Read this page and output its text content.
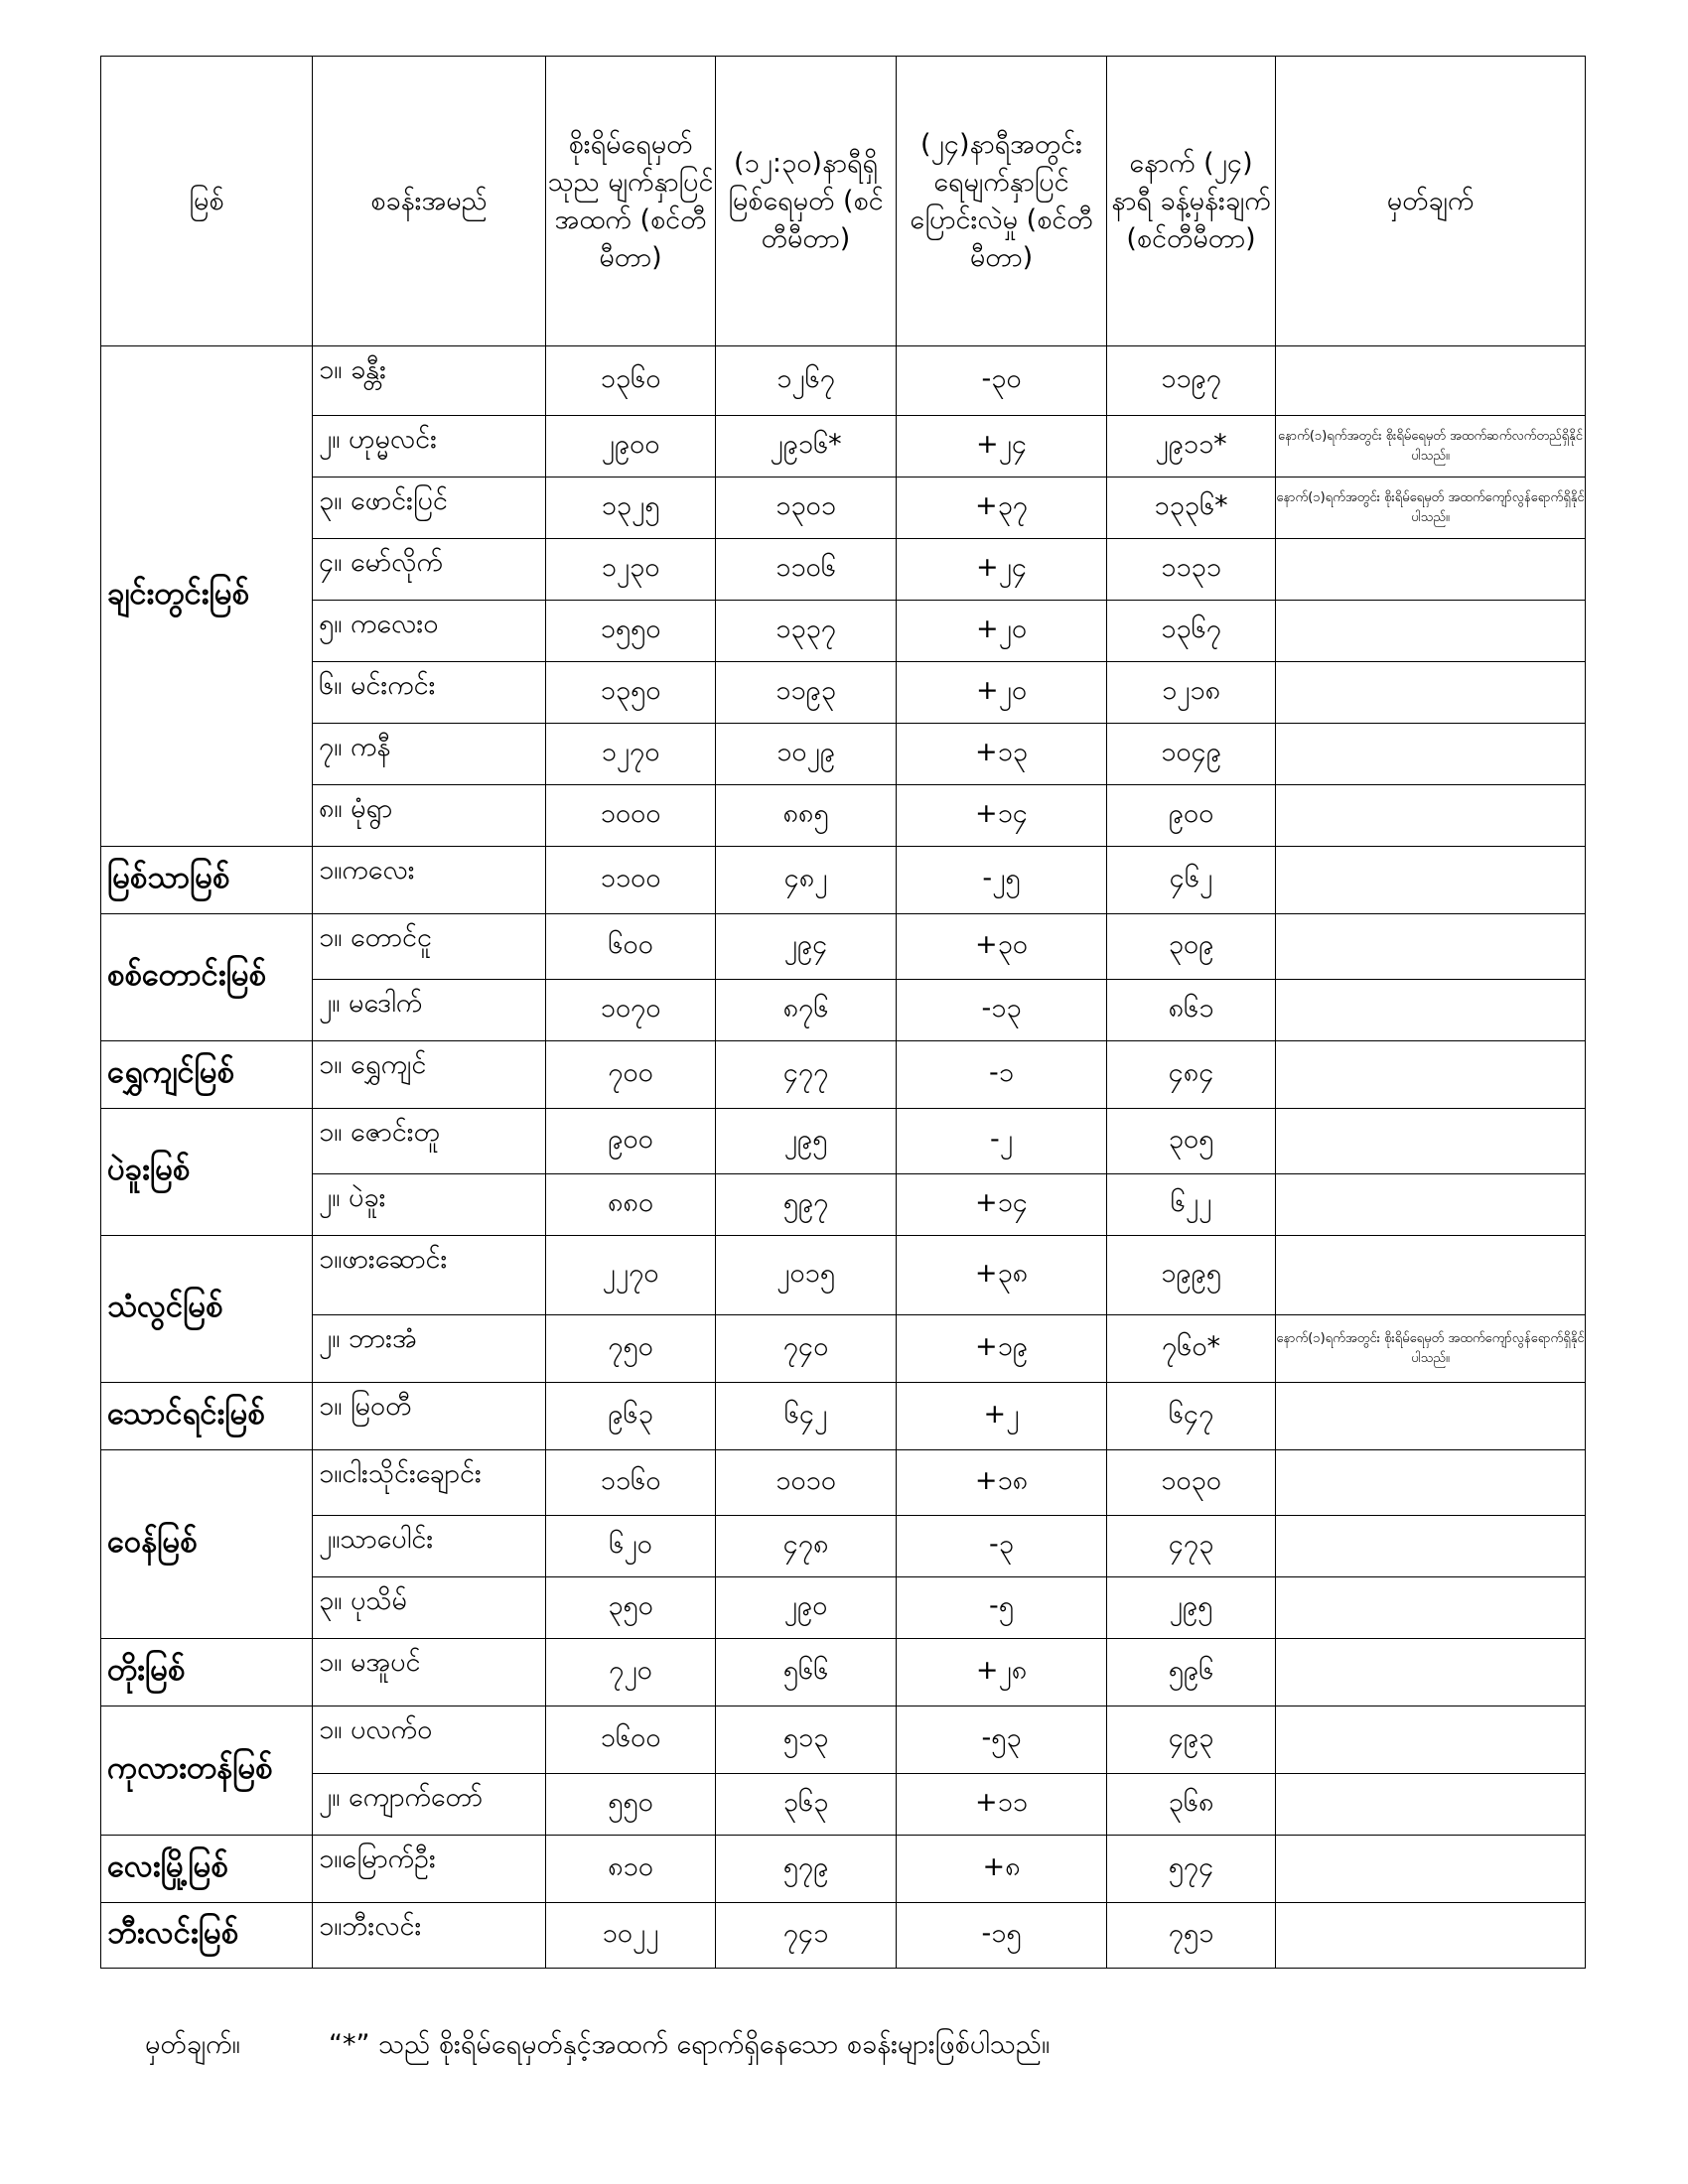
မြစ်	စခန်းအမည်	စိုးရိမ်ရေမှတ် သုည မျက်နှာပြင် အထက် (စင်တီမီတာ)	(၁၂:၃၀)နာရီရှိ မြစ်ရေမှတ် (စင်တီမီတာ)	(၂၄)နာရီအတွင်း ရေမျက်နှာပြင် ပြောင်းလဲမှု (စင်တီမီတာ)	နောက် (၂၄) နာရီ ခန့်မှန်းချက် (စင်တီမီတာ)	မှတ်ချက်
ချင်းတွင်းမြစ်	၁။ ခန္တီး	၁၃၆၀	၁၂၆၇	-၃၀	၁၁၉၇	
	၂။ ဟုမ္မလင်း	၂၉၀၀	၂၉၁၆*	+၂၄	၂၉၁၁*	နောက်(၁)ရက်အတွင်း စိုးရိမ်ရေမှတ် အထက်ဆက်လက်တည်ရှိနိုင်ပါသည်။
	၃။ ဖောင်းပြင်	၁၃၂၅	၁၃၀၁	+၃၇	၁၃၃၆*	နောက်(၁)ရက်အတွင်း စိုးရိမ်ရေမှတ် အထက်ကျော်လွန်ရောက်ရှိနိုင်ပါသည်။
	၄။ မော်လိုက်	၁၂၃၀	၁၁၀၆	+၂၄	၁၁၃၁	
	၅။ ကလေးဝ	၁၅၅၀	၁၃၃၇	+၂၀	၁၃၆၇	
	၆။ မင်းကင်း	၁၃၅၀	၁၁၉၃	+၂၀	၁၂၁၈	
	၇။ ကနီ	၁၂၇၀	၁၀၂၉	+၁၃	၁၀၄၉	
	၈။ မုံရွာ	၁၀၀၀	၈၈၅	+၁၄	၉၀၀	
မြစ်သာမြစ်	၁။ကလေး	၁၁၀၀	၄၈၂	-၂၅	၄၆၂	
စစ်တောင်းမြစ်	၁။ တောင်ငူ	၆၀၀	၂၉၄	+၃၀	၃၀၉	
	၂။ မဒေါက်	၁၀၇၀	၈၇၆	-၁၃	၈၆၁	
ရွှေကျင်မြစ်	၁။ ရွှေကျင်	၇၀၀	၄၇၇	-၁	၄၈၄	
ပဲခူးမြစ်	၁။ ဇောင်းတူ	၉၀၀	၂၉၅	-၂	၃၀၅	
	၂။ ပဲခူး	၈၈၀	၅၉၇	+၁၄	၆၂၂	
သံလွင်မြစ်	၁။ဖားဆောင်း	၂၂၇၀	၂၀၁၅	+၃၈	၁၉၉၅	
	၂။ ဘားအံ	၇၅၀	၇၄၀	+၁၉	၇၆၀*	နောက်(၁)ရက်အတွင်း စိုးရိမ်ရေမှတ် အထက်ကျော်လွန်ရောက်ရှိနိုင်ပါသည်။
သောင်ရင်းမြစ်	၁။ မြဝတီ	၉၆၃	၆၄၂	+၂	၆၄၇	
ဝေန်မြစ်	၁။ငါးသိုင်းချောင်း	၁၁၆၀	၁၀၁၀	+၁၈	၁၀၃၀	
	၂။သာပေါင်း	၆၂၀	၄၇၈	-၃	၄၇၃	
	၃။ ပုသိမ်	၃၅၀	၂၉၀	-၅	၂၉၅	
တိုးမြစ်	၁။ မအူပင်	၇၂၀	၅၆၆	+၂၈	၅၉၆	
ကုလားတန်မြစ်	၁။ ပလက်ဝ	၁၆၀၀	၅၁၃	-၅၃	၄၉၃	
	၂။ ကျောက်တော်	၅၅၀	၃၆၃	+၁၁	၃၆၈	
လေးမြို့မြစ်	၁။မြောက်ဦး	၈၁၀	၅၇၉	+၈	၅၇၄	
ဘီးလင်းမြစ်	၁။ဘီးလင်း	၁၀၂၂	၇၄၁	-၁၅	၇၅၁	
မှတ်ချက်။	“*” သည် စိုးရိမ်ရေမှတ်နှင့်အထက် ရောက်ရှိနေသော စခန်းများဖြစ်ပါသည်။
